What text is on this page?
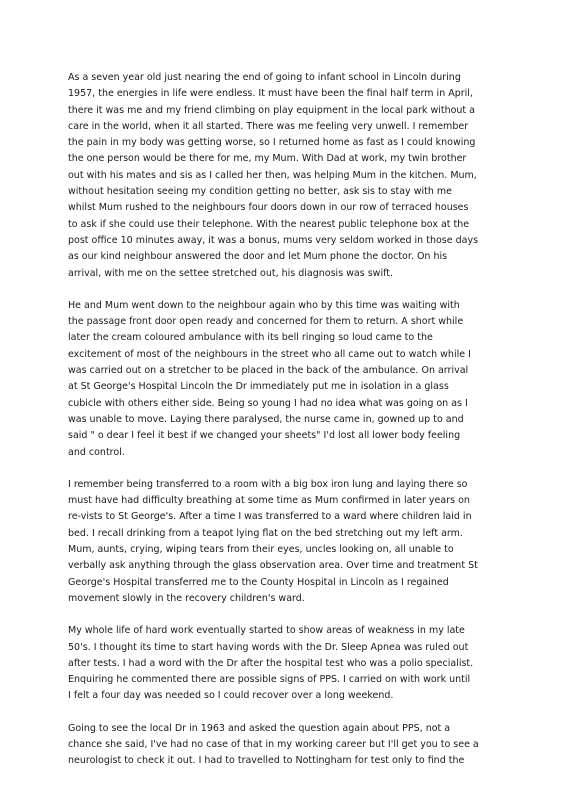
As a seven year old just nearing the end of going to infant school in Lincoln during
1957, the energies in life were endless. It must have been the final half term in April,
there it was me and my friend climbing on play equipment in the local park without a
care in the world, when it all started. There was me feeling very unwell. I remember
the pain in my body was getting worse, so I returned home as fast as I could knowing
the one person would be there for me, my Mum. With Dad at work, my twin brother
out with his mates and sis as I called her then, was helping Mum in the kitchen. Mum,
without hesitation seeing my condition getting no better, ask sis to stay with me
whilst Mum rushed to the neighbours four doors down in our row of terraced houses
to ask if she could use their telephone. With the nearest public telephone box at the
post office 10 minutes away, it was a bonus, mums very seldom worked in those days
as our kind neighbour answered the door and let Mum phone the doctor. On his
arrival, with me on the settee stretched out, his diagnosis was swift.

He and Mum went down to the neighbour again who by this time was waiting with
the passage front door open ready and concerned for them to return. A short while
later the cream coloured ambulance with its bell ringing so loud came to the
excitement of most of the neighbours in the street who all came out to watch while I
was carried out on a stretcher to be placed in the back of the ambulance. On arrival
at St George's Hospital Lincoln the Dr immediately put me in isolation in a glass
cubicle with others either side. Being so young I had no idea what was going on as I
was unable to move. Laying there paralysed, the nurse came in, gowned up to and
said " o dear I feel it best if we changed your sheets" I'd lost all lower body feeling
and control.

I remember being transferred to a room with a big box iron lung and laying there so
must have had difficulty breathing at some time as Mum confirmed in later years on
re-vists to St George's. After a time I was transferred to a ward where children laid in
bed. I recall drinking from a teapot lying flat on the bed stretching out my left arm.
Mum, aunts, crying, wiping tears from their eyes, uncles looking on, all unable to
verbally ask anything through the glass observation area. Over time and treatment St
George's Hospital transferred me to the County Hospital in Lincoln as I regained
movement slowly in the recovery children's ward.

My whole life of hard work eventually started to show areas of weakness in my late
50's. I thought its time to start having words with the Dr. Sleep Apnea was ruled out
after tests. I had a word with the Dr after the hospital test who was a polio specialist.
Enquiring he commented there are possible signs of PPS. I carried on with work until
I felt a four day was needed so I could recover over a long weekend.

Going to see the local Dr in 1963 and asked the question again about PPS, not a
chance she said, I've had no case of that in my working career but I'll get you to see a
neurologist to check it out. I had to travelled to Nottingham for test only to find the
